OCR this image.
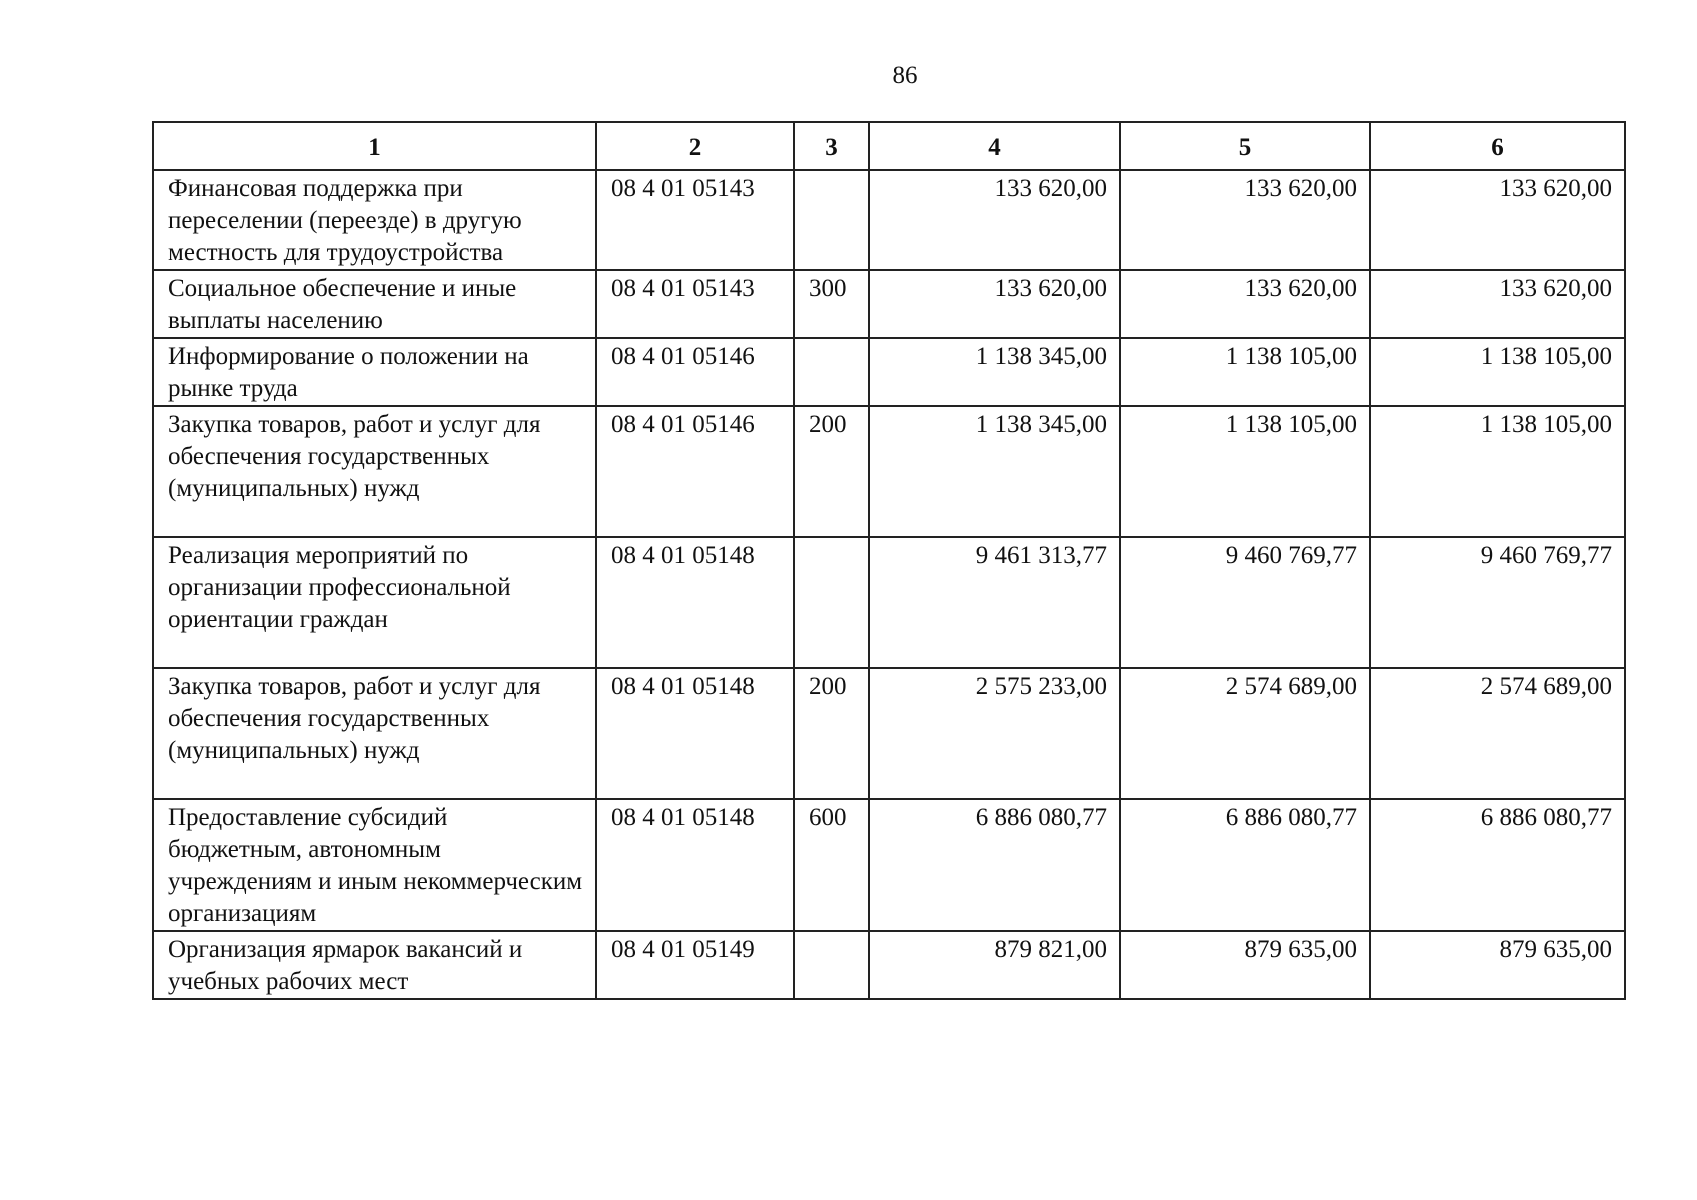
86
1	2	3	4	5	6
Финансовая поддержка при переселении (переезде) в другую местность для трудоустройства	08 4 01 05143		133 620,00	133 620,00	133 620,00
Социальное обеспечение и иные выплаты населению	08 4 01 05143	300	133 620,00	133 620,00	133 620,00
Информирование о положении на рынке труда	08 4 01 05146		1 138 345,00	1 138 105,00	1 138 105,00
Закупка товаров, работ и услуг для обеспечения государственных (муниципальных) нужд	08 4 01 05146	200	1 138 345,00	1 138 105,00	1 138 105,00
Реализация мероприятий по организации профессиональной ориентации граждан	08 4 01 05148		9 461 313,77	9 460 769,77	9 460 769,77
Закупка товаров, работ и услуг для обеспечения государственных (муниципальных) нужд	08 4 01 05148	200	2 575 233,00	2 574 689,00	2 574 689,00
Предоставление субсидий бюджетным, автономным учреждениям и иным некоммерческим организациям	08 4 01 05148	600	6 886 080,77	6 886 080,77	6 886 080,77
Организация ярмарок вакансий и учебных рабочих мест	08 4 01 05149		879 821,00	879 635,00	879 635,00
